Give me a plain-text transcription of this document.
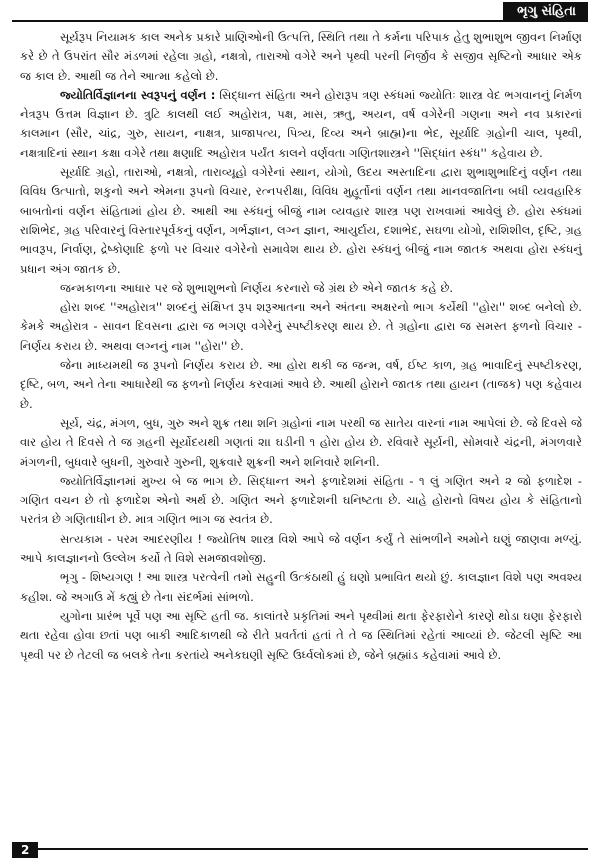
ભૃગુ સંહિતા

સૂર્યરૂપ નિયામક કાલ અનેક પ્રકારે પ્રાણિઓની ઉત્પત્તિ, સ્થિતિ તથા તે કર્મના પરિપાક હેતુ શુભાશુભ જીવન નિર્માણ કરે છે તે ઉપરાંત સૌર મંડળમાં રહેલા ગ્રહો, નક્ષત્રો, તારાઓ વગેરે અને પૃથ્વી પરની નિર્જીવ કે સજીવ સૃષ્ટિનો આધાર એક જ કાલ છે. આથી જ તેને આત્મા કહેલો છે.

જ્યોતિર્વિજ્ઞાનના સ્વરૂપનું વર્ણન : સિદ્ધાન્ત સંહિતા અને હોરારૂપ ત્રણ સ્કંધમાં જ્યોતિઃ શાસ્ત્ર વેદ ભગવાનનું નિર્મળ નેત્રરૂપ ઉત્તમ વિજ્ઞાન છે. ત્રુટિ કાલથી લઈ અહોરાત્ર, પક્ષ, માસ, ઋતુ, અયન, વર્ષ વગેરેની ગણના અને નવ પ્રકારનાં કાલમાન (સૌર, ચાંદ્ર, ગુરુ, સાયન, નાક્ષત્ર, પ્રાજાપત્ય, પિત્ર્ય, દિવ્ય અને બ્રાહ્મ)ના ભેદ, સૂર્યાદિ ગ્રહોની ચાલ, પૃથ્વી, નક્ષત્રાદિનાં સ્થાન કક્ષા વગેરે તથા ક્ષણાદિ અહોરાત્ર પર્યંત કાલને વર્ણવતા ગણિતશાસ્ત્રને ''સિદ્ધાંત સ્કંધ'' કહેવાય છે.

સૂર્યાદિ ગ્રહો, તારાઓ, નક્ષત્રો, તારાવ્યૂહો વગેરેનાં સ્થાન, યોગો, ઉદય અસ્તાદિના દ્વારા શુભાશુભાદિનું વર્ણન તથા વિવિધ ઉત્પાતો, શકુનો અને એમના રૂપનો વિચાર, રત્નપરીક્ષા, વિવિધ મુહૂર્તોનાં વર્ણન તથા માનવજાતિના બધી વ્યવહારિક બાબતોનાં વર્ણન સંહિતામાં હોય છે. આથી આ સ્કંધનું બીજું નામ વ્યવહાર શાસ્ત્ર પણ રાખવામાં આવેલું છે. હોરા સ્કંધમાં રાશિભેદ, ગ્રહ પરિવારનું વિસ્તારપૂર્વકનું વર્ણન, ગર્ભજ્ઞાન, લગ્ન જ્ઞાન, આયુર્દાય, દશાભેદ, સઘળા યોગો, રાશિશીલ, દૃષ્ટિ, ગ્રહ ભાવરૂપ, નિર્વાણ, દ્રેષ્કોણાદિ ફળો પર વિચાર વગેરેનો સમાવેશ થાય છે. હોરા સ્કંધનું બીજું નામ જાતક અથવા હોરા સ્કંધનું પ્રધાન અંગ જાતક છે.

જન્મકાળના આધાર પર જે શુભાશુભનો નિર્ણય કરનારો જે ગ્રંથ છે એને જાતક કહે છે.

હોરા શબ્દ ''અહોરાત્ર'' શબ્દનું સંક્ષિપ્ત રૂપ શરૂઆતના અને અંતના અક્ષરનો ભાગ કર્યેથી ''હોરા'' શબ્દ બનેલો છે. કેમકે અહોરાત્ર - સાવન દિવસના દ્વારા જ ભગણ વગેરેનું સ્પષ્ટીકરણ થાય છે. તે ગ્રહોના દ્વારા જ સમસ્ત ફળનો વિચાર - નિર્ણય કરાય છે. અથવા લગ્નનું નામ ''હોરા'' છે.

જેના માધ્યમથી જ રૂપનો નિર્ણય કરાય છે. આ હોરા થકી જ જન્મ, વર્ષ, ઈષ્ટ કાળ, ગ્રહ ભાવાદિનું સ્પષ્ટીકરણ, દૃષ્ટિ, બળ, અને તેના આધારેથી જ ફળનો નિર્ણય કરવામાં આવે છે. આથી હોરાને જાતક તથા હાયન (તાજક) પણ કહેવાય છે.

સૂર્ય, ચંદ્ર, મંગળ, બુધ, ગુરુ અને શુક્ર તથા શનિ ગ્રહોનાં નામ પરથી જ સાતેય વારનાં નામ આપેલાં છે. જે દિવસે જે વાર હોય તે દિવસે તે જ ગ્રહની સૂર્યોદયથી ગણતાં ૨।। ઘડીની ૧ હોરા હોય છે. રવિવારે સૂર્યની, સોમવારે ચંદ્રની, મંગળવારે મંગળની, બુધવારે બુધની, ગુરુવારે ગુરુની, શુક્રવારે શુક્રની અને શનિવારે શનિની.

જ્યોતિર્વિજ્ઞાનમાં મુખ્ય બે જ ભાગ છે. સિદ્ધાન્ત અને ફળાદેશમાં સંહિતા - ૧ લું ગણિત અને ૨ જો ફળાદેશ - ગણિત વચન છે તો ફળાદેશ એનો અર્થ છે. ગણિત અને ફળાદેશની ઘનિષ્ટતા છે. ચાહે હોરાનો વિષય હોય કે સંહિતાનો પરતંત્ર છે ગણિતાધીન છે. માત્ર ગણિત ભાગ જ સ્વતંત્ર છે.

સત્યકામ - પરમ આદરણીય ! જ્યોતિષ શાસ્ત્ર વિશે આપે જે વર્ણન કર્યું તે સાંભળીને અમોને ઘણું જાણવા મળ્યું. આપે કાલજ્ઞાનનો ઉલ્લેખ કર્યો તે વિશે સમજાવશોજી.

ભૃગુ - શિષ્યગણ ! આ શાસ્ત્ર પરત્વેની તમો સહુની ઉત્કંઠાથી હું ઘણો પ્રભાવિત થયો છું. કાલજ્ઞાન વિશે પણ અવશ્ય કહીશ. જે અગાઉ મેં કહ્યું છે તેના સંદર્ભમાં સાંભળો.

યુગોના પ્રારંભ પૂર્વે પણ આ સૃષ્ટિ હતી જ. કાલાંતરે પ્રકૃતિમાં અને પૃથ્વીમાં થતા ફેરફારોને કારણે થોડા ઘણા ફેરફારો થતા રહેવા હોવા છતાં પણ બાકી આદિકાળથી જે રીતે પ્રવર્તતાં હતાં તે તે જ સ્થિતિમાં રહેતાં આવ્યાં છે. જેટલી સૃષ્ટિ આ પૃથ્વી પર છે તેટલી જ બલકે તેના કરતાંયે અનેકઘણી સૃષ્ટિ ઉર્ધ્વલોકમાં છે, જેને બ્રહ્માંડ કહેવામાં આવે છે.

2
